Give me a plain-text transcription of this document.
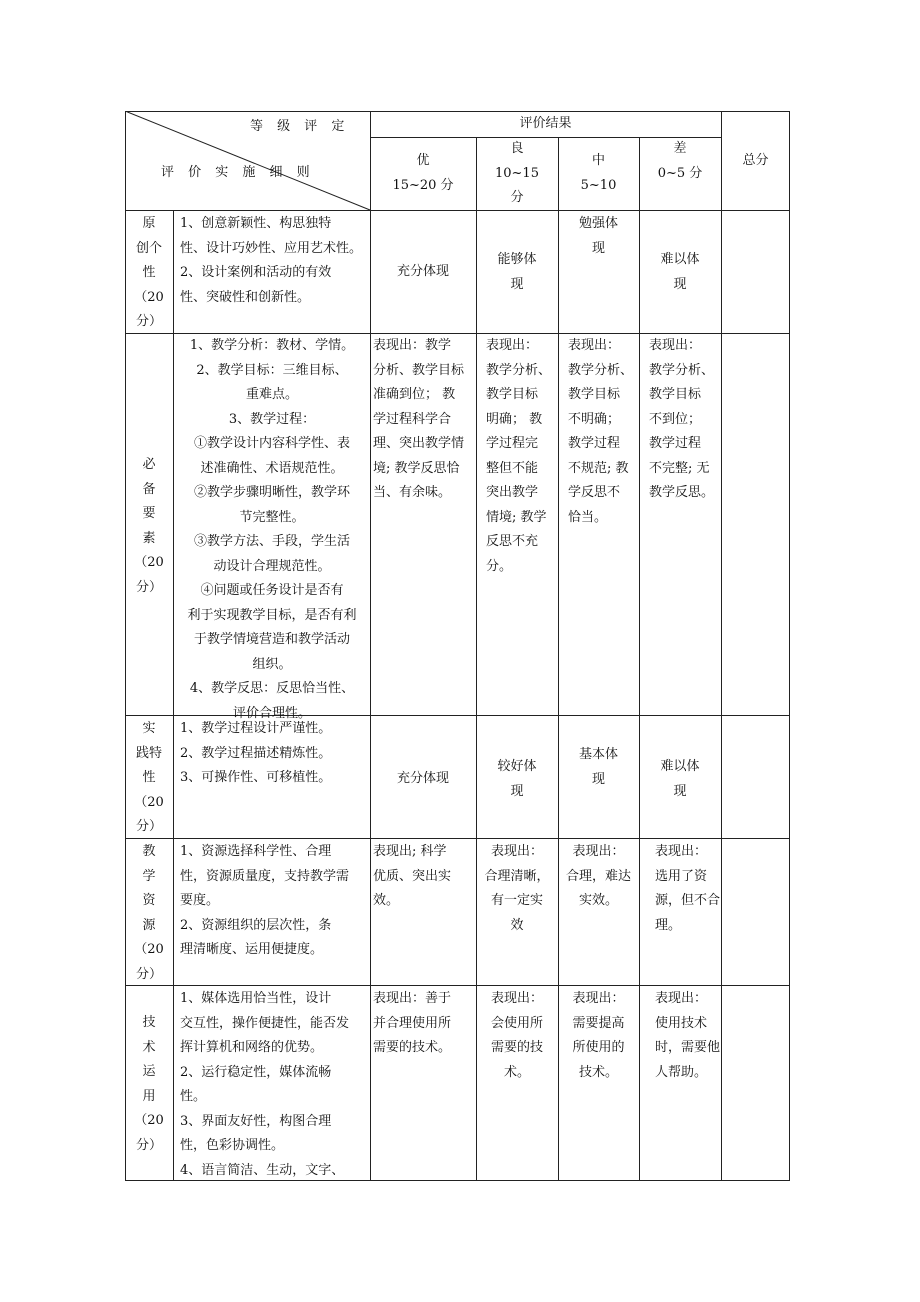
等 级 评 定
评 价 实 施 细 则
评价结果
总分
优
15~20 分
良
10~15
分
中
5~10
差
0~5 分
原
创个
性
（20
分）
1、创意新颖性、构思独特
性、设计巧妙性、应用艺术性。
2、设计案例和活动的有效
性、突破性和创新性。
充分体现
能够体
现
勉强体
现
难以体
现
必
备
要
素
（20
分）
1、教学分析：教材、学情。
2、教学目标：三维目标、
重难点。
3、教学过程：
①教学设计内容科学性、表
述准确性、术语规范性。
②教学步骤明晰性，教学环
节完整性。
③教学方法、手段，学生活
动设计合理规范性。
④问题或任务设计是否有
利于实现教学目标，是否有利
于教学情境营造和教学活动
组织。
4、教学反思：反思恰当性、
评价合理性。
表现出：教学
分析、教学目标
准确到位； 教
学过程科学合
理、突出教学情
境; 教学反思恰
当、有余味。
表现出：
教学分析、
教学目标
明确； 教
学过程完
整但不能
突出教学
情境; 教学
反思不充
分。
表现出：
教学分析、
教学目标
不明确；
教学过程
不规范; 教
学反思不
恰当。
表现出：
教学分析、
教学目标
不到位；
教学过程
不完整; 无
教学反思。
实
践特
性
（20
分）
1、教学过程设计严谨性。
2、教学过程描述精炼性。
3、可操作性、可移植性。	充分体现
较好体
现
基本体
现
难以体
现
教
学
资
源
（20
分）
1、资源选择科学性、合理
性，资源质量度，支持教学需
要度。
2、资源组织的层次性，条
理清晰度、运用便捷度。
表现出; 科学
优质、突出实效。
表现出：
合理清晰，
有一定实
效
表现出：
合理，难达
实效。
表现出：
选用了资
源，但不合
理。
技
术
运
用
（20
分）
1、媒体选用恰当性，设计
交互性，操作便捷性，能否发
挥计算机和网络的优势。
2、运行稳定性，媒体流畅
性。
3、界面友好性，构图合理
性，色彩协调性。
4、语言简洁、生动，文字、
表现出：善于
并合理使用所
需要的技术。
表现出：
会使用所
需要的技
术。
表现出：
需要提高
所使用的
技术。
表现出：
使用技术
时，需要他
人帮助。
